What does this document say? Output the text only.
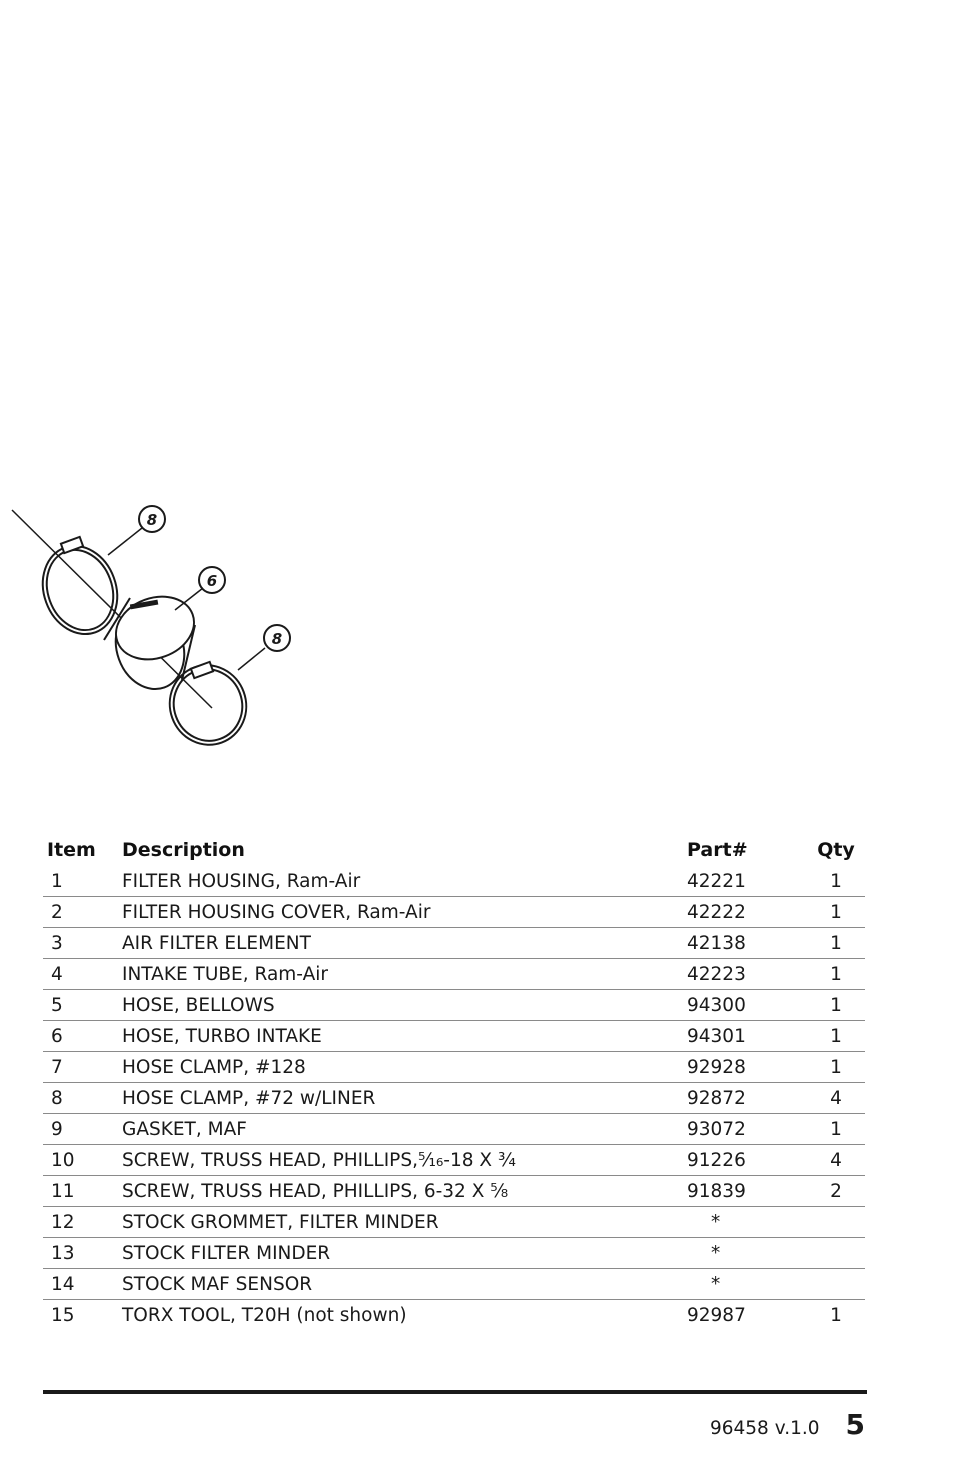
8
6
8
Item	Description	Part#	Qty
1	FILTER HOUSING, Ram-Air	42221	1
2	FILTER HOUSING COVER, Ram-Air	42222	1
3	AIR FILTER ELEMENT	42138	1
4	INTAKE TUBE, Ram-Air	42223	1
5	HOSE, BELLOWS	94300	1
6	HOSE, TURBO INTAKE	94301	1
7	HOSE CLAMP, #128	92928	1
8	HOSE CLAMP, #72 w/LINER	92872	4
9	GASKET, MAF	93072	1
10	SCREW, TRUSS HEAD, PHILLIPS,⁵⁄₁₆-18 X ³⁄₄	91226	4
11	SCREW, TRUSS HEAD, PHILLIPS, 6-32 X ⁵⁄₈	91839	2
12	STOCK GROMMET, FILTER MINDER	*
13	STOCK FILTER MINDER	*
14	STOCK MAF SENSOR	*
15	TORX TOOL, T20H (not shown)	92987	1
96458 v.1.0 5
